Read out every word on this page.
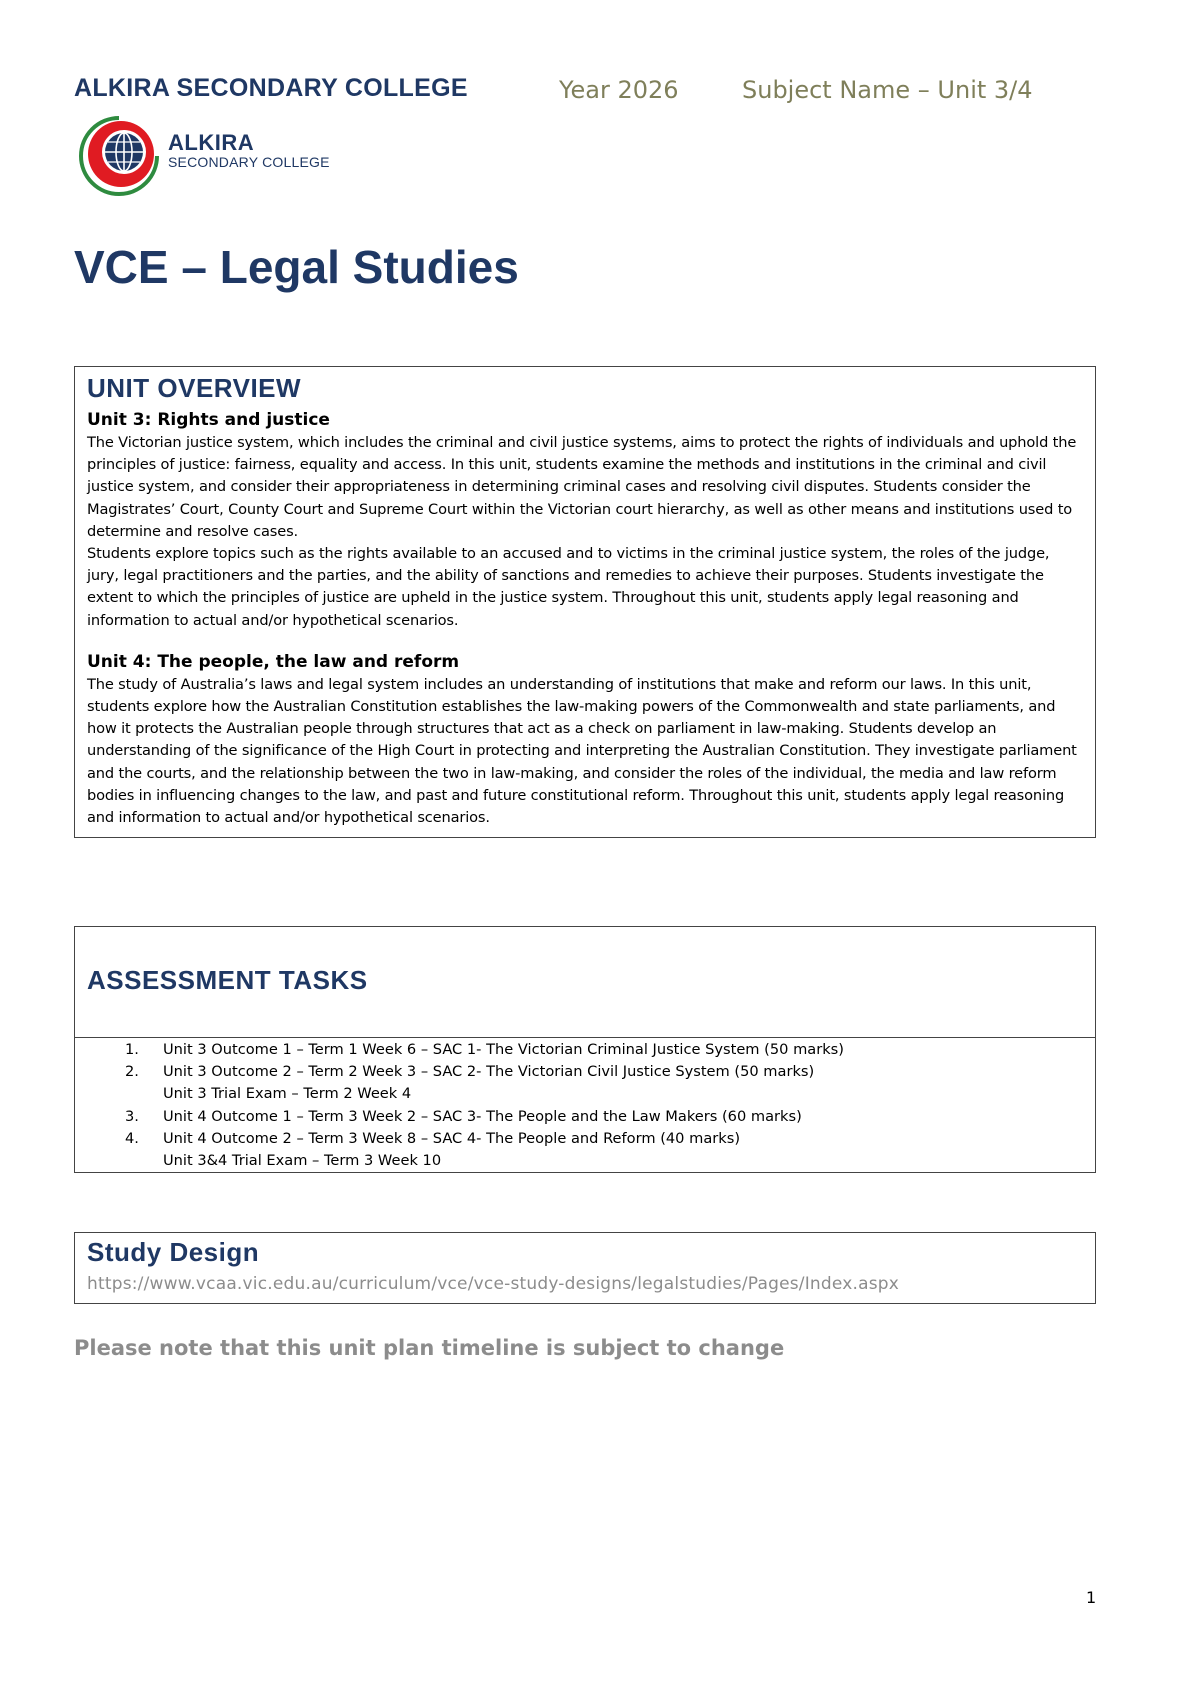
ALKIRA SECONDARY COLLEGE	Year 2026	Subject Name – Unit 3/4
ALKIRA
SECONDARY COLLEGE
VCE – Legal Studies
UNIT OVERVIEW
Unit 3: Rights and justice

The Victorian justice system, which includes the criminal and civil justice systems, aims to protect the rights of individuals and uphold the principles of justice: fairness, equality and access. In this unit, students examine the methods and institutions in the criminal and civil justice system, and consider their appropriateness in determining criminal cases and resolving civil disputes. Students consider the Magistrates’ Court, County Court and Supreme Court within the Victorian court hierarchy, as well as other means and institutions used to determine and resolve cases.

Students explore topics such as the rights available to an accused and to victims in the criminal justice system, the roles of the judge, jury, legal practitioners and the parties, and the ability of sanctions and remedies to achieve their purposes. Students investigate the extent to which the principles of justice are upheld in the justice system. Throughout this unit, students apply legal reasoning and information to actual and/or hypothetical scenarios.

Unit 4: The people, the law and reform

The study of Australia’s laws and legal system includes an understanding of institutions that make and reform our laws. In this unit, students explore how the Australian Constitution establishes the law-making powers of the Commonwealth and state parliaments, and how it protects the Australian people through structures that act as a check on parliament in law-making. Students develop an understanding of the significance of the High Court in protecting and interpreting the Australian Constitution. They investigate parliament and the courts, and the relationship between the two in law-making, and consider the roles of the individual, the media and law reform bodies in influencing changes to the law, and past and future constitutional reform. Throughout this unit, students apply legal reasoning and information to actual and/or hypothetical scenarios.

ASSESSMENT TASKS
1. Unit 3 Outcome 1 – Term 1 Week 6 – SAC 1- The Victorian Criminal Justice System (50 marks)
2. Unit 3 Outcome 2 – Term 2 Week 3 – SAC 2- The Victorian Civil Justice System (50 marks)
Unit 3 Trial Exam – Term 2 Week 4
3. Unit 4 Outcome 1 – Term 3 Week 2 – SAC 3- The People and the Law Makers (60 marks)
4. Unit 4 Outcome 2 – Term 3 Week 8 – SAC 4- The People and Reform (40 marks)
Unit 3&4 Trial Exam – Term 3 Week 10
Study Design
https://www.vcaa.vic.edu.au/curriculum/vce/vce-study-designs/legalstudies/Pages/Index.aspx
Please note that this unit plan timeline is subject to change
1
